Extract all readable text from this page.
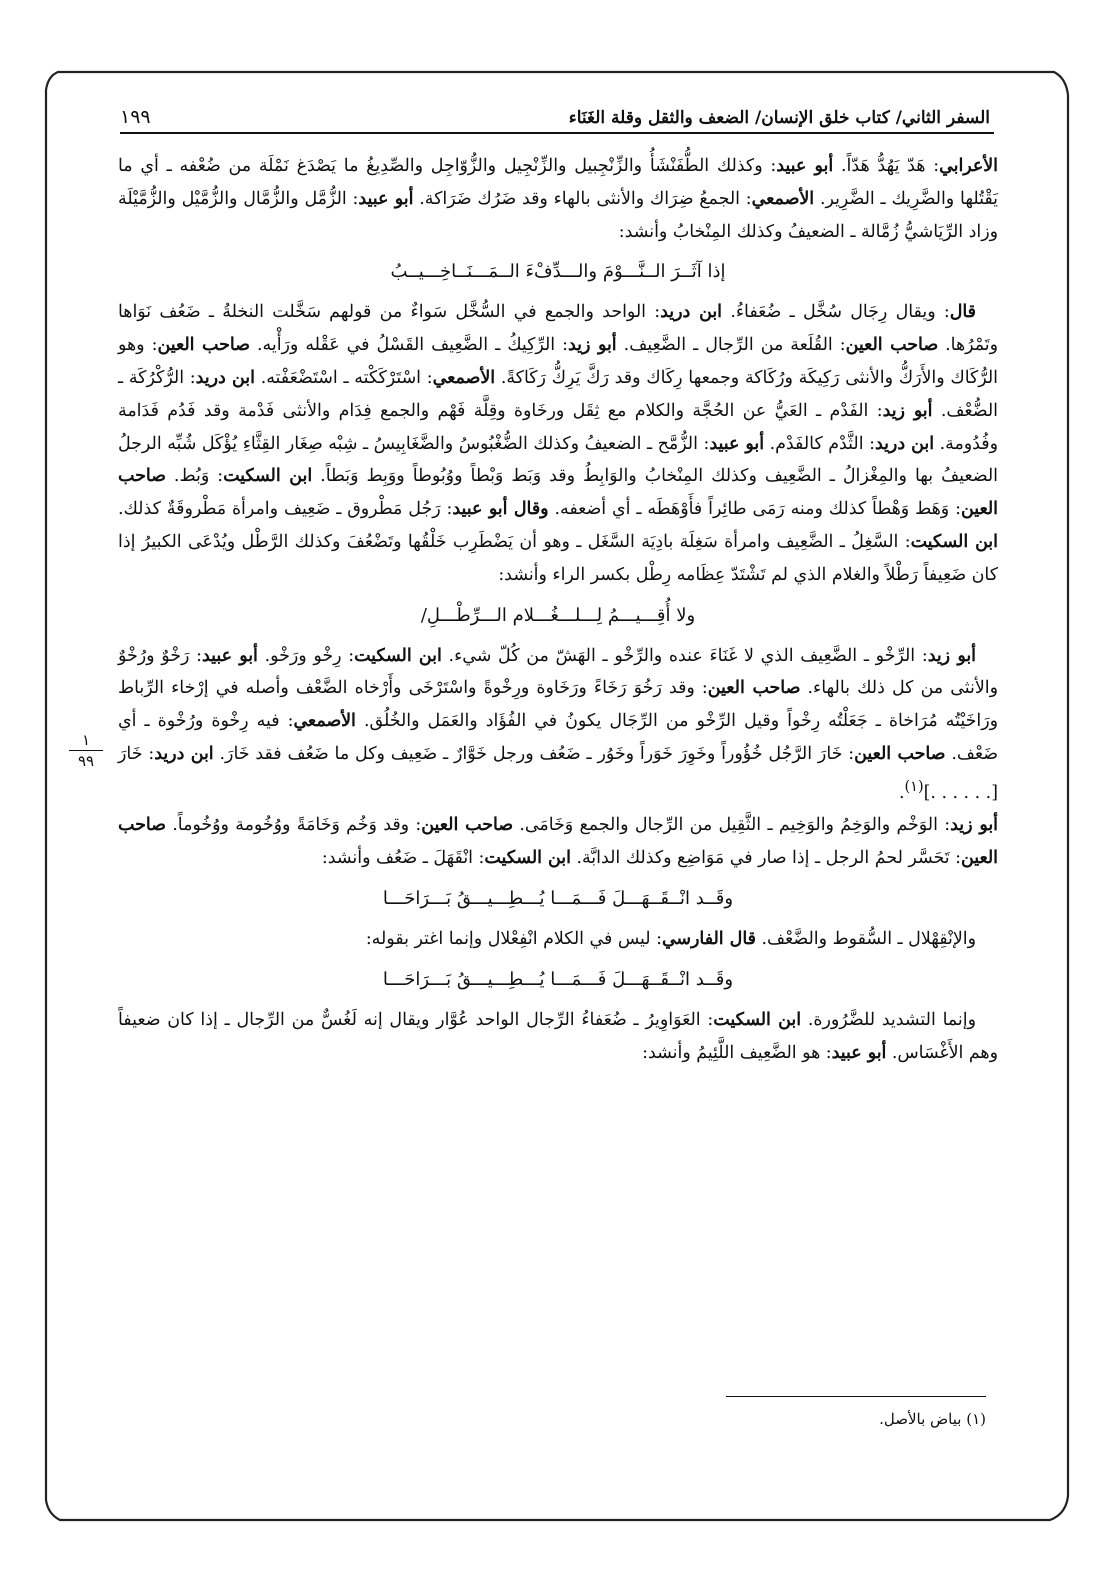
السفر الثاني/ كتاب خلق الإنسان/ الضعف والثقل وقلة الغَنَاء
١٩٩
١
٩٩

الأعرابي: هَدّ يَهُدُّ هَدّاً. أبو عبيد: وكذلك الطُّفَنْشَأُ والزِّنْجِبيل والزِّنْجِيل والزُّوّاجِل والصِّدِيغُ ما يَصْدَغ نَمْلَة من ضُعْفه ـ أي ما يَقْتُلها والضَّرِيك ـ الضَّرِير. الأصمعي: الجمعُ ضِرَاك والأنثى بالهاء وقد ضَرُك ضَرَاكة. أبو عبيد: الزُّمَّل والزُّمَّال والزُّمَّيْل والزُّمَّيْلَة وزاد الرِّيَاشيُّ زُمَّالة ـ الضعيفُ وكذلك المِنْخابُ وأنشد:

إذا آثَــرَ الــنَّـــوْمَ والـــدِّفْءَ الــمَـــنَــاخِـــيــبُ

قال: ويقال رِجَال سُخَّل ـ ضُعَفاءُ. ابن دريد: الواحد والجمع في السُّخَّل سَواءٌ من قولهم سَخَّلت النخلةُ ـ ضَعُف نَوَاها وتَمْرُها. صاحب العين: القُلَعة من الرِّجال ـ الضَّعِيف. أبو زيد: الرِّكِيكُ ـ الضَّعِيف القَسْلُ في عَقْله ورَأْيه. صاحب العين: وهو الرُّكَاك والأَرَكُّ والأنثى رَكِيكَة ورُكَاكة وجمعها رِكَاك وقد رَكَّ يَرِكُّ رَكَاكةً. الأصمعي: اسْتَرْكَكْته ـ اسْتَضْعَفْته. ابن دريد: الرُّكْرُكَة ـ الضُّعْف. أبو زيد: الفَدْم ـ العَيُّ عن الحُجَّة والكلام مع ثِقَل ورخَاوة وقِلَّة فَهْم والجمع فِدَام والأنثى فَدْمة وقد فَدُم فَدَامة وفُدُومة. ابن دريد: الثَّدْم كالفَدْم. أبو عبيد: الزُّمَّح ـ الضعيفُ وكذلك الضُّغْبُوسُ والضَّغَابِيسُ ـ شِبْه صِغَار القِثَّاءِ يُؤْكَل شُبِّه الرجلُ الضعيفُ بها والمِغْزالُ ـ الضَّعِيف وكذلك المِنْخابُ والوَابِطُ وقد وَبَط وَبْطاً ووُبُوطاً ووَبِط وَبَطاً. ابن السكيت: وَبُط. صاحب العين: وَهَط وَهْطاً كذلك ومنه رَمَى طائِراً فأَوْهَطَه ـ أي أضعفه. وقال أبو عبيد: رَجُل مَطْروق ـ ضَعِيف وامرأة مَطْروقَةٌ كذلك. ابن السكيت: السَّغِلُ ـ الضَّعِيف وامرأة سَغِلَة بادِيَة السَّغَل ـ وهو أن يَضْطَرِب خَلْقُها وتَضْعُفَ وكذلك الرَّطْل ويُدْعَى الكبيرُ إذا كان ضَعِيفاً رَطْلاً والغلام الذي لم تَشْتَدّ عِظَامه رِطْل بكسر الراء وأنشد:

ولا أُقِـــيـــمُ لِـــلـــغُـــلام الـــرِّطْـــلِ/

أبو زيد: الرِّخْو ـ الضَّعِيف الذي لا غَنَاءَ عنده والرِّخْو ـ الهَشّ من كُلّ شيء. ابن السكيت: رِخْو ورَخْو. أبو عبيد: رَخْوٌ ورُخْوٌ والأنثى من كل ذلك بالهاء. صاحب العين: وقد رَخُوَ رَخَاءً ورَخَاوة ورِخْوةً واسْتَرْخَى وأَرْخاه الضَّعْف وأصله في إرْخاء الرِّباط ورَاخَيْتُه مُرَاخاة ـ جَعَلْتُه رِخْواً وقيل الرِّخْو من الرِّجَال يكونُ في الفُؤَاد والعَمَل والخُلُق. الأصمعي: فيه رِخْوة ورُخْوة ـ أي ضَعْف. صاحب العين: خَارَ الرَّجُل خُؤُوراً وخَوِرَ خَوَراً وخَوُر ـ ضَعُف ورجل خَوَّارٌ ـ ضَعِيف وكل ما ضَعُف فقد خَارَ. ابن دريد: خَارَ [. . . . . .]$^{(١)}$.

أبو زيد: الوَخْم والوَخِمُ والوَخِيم ـ الثَّقِيل من الرِّجال والجمع وَخَامَى. صاحب العين: وقد وَخُم وَخَامَةً ووُخُومة ووُخُوماً. صاحب العين: تَحَسَّر لحمُ الرجل ـ إذا صار في مَوَاضِع وكذلك الدابَّة. ابن السكيت: انْقَهَلَ ـ ضَعُف وأنشد:

وقَــد انْــقَــهَـــلَ فَـــمَـــا يُـــطِـــيـــقُ بَـــرَاحَـــا

والإنْقِهْلال ـ السُّقوط والضَّعْف. قال الفارسي: ليس في الكلام انْفِعْلال وإنما اغتر بقوله:

وقَــد انْــقَــهَـــلَ فَـــمَـــا يُـــطِـــيـــقُ بَـــرَاحَـــا

وإنما التشديد للضَّرُورة. ابن السكيت: العَوَاوِيرُ ـ ضُعَفاءُ الرِّجال الواحد عُوَّار ويقال إنه لَغُسٌّ من الرِّجال ـ إذا كان ضعيفاً وهم الأَغْسَاس. أبو عبيد: هو الضَّعِيف اللَّئِيمُ وأنشد:

(١) بياض بالأصل.
